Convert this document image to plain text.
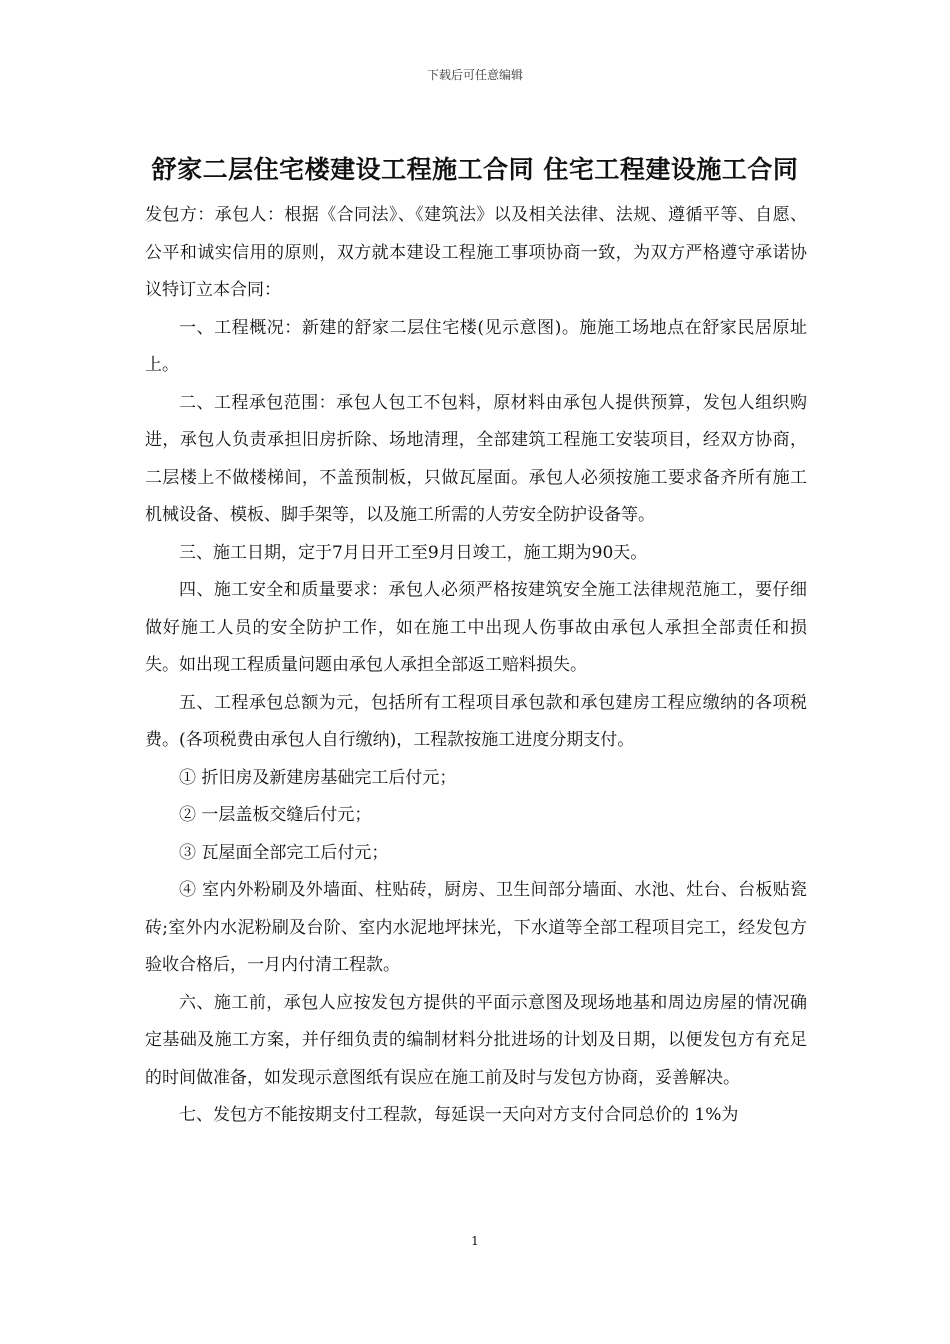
下载后可任意编辑
舒家二层住宅楼建设工程施工合同 住宅工程建设施工合同

发包方：承包人：根据《合同法》、《建筑法》以及相关法律、法规、遵循平等、自愿、公平和诚实信用的原则，双方就本建设工程施工事项协商一致，为双方严格遵守承诺协议特订立本合同：

一、工程概况：新建的舒家二层住宅楼(见示意图)。施施工场地点在舒家民居原址上。

二、工程承包范围：承包人包工不包料，原材料由承包人提供预算，发包人组织购进，承包人负责承担旧房折除、场地清理，全部建筑工程施工安装项目，经双方协商，二层楼上不做楼梯间，不盖预制板，只做瓦屋面。承包人必须按施工要求备齐所有施工机械设备、模板、脚手架等，以及施工所需的人劳安全防护设备等。

三、施工日期，定于7月日开工至9月日竣工，施工期为90天。

四、施工安全和质量要求：承包人必须严格按建筑安全施工法律规范施工，要仔细做好施工人员的安全防护工作，如在施工中出现人伤事故由承包人承担全部责任和损失。如出现工程质量问题由承包人承担全部返工赔料损失。

五、工程承包总额为元，包括所有工程项目承包款和承包建房工程应缴纳的各项税费。(各项税费由承包人自行缴纳)，工程款按施工进度分期支付。

① 折旧房及新建房基础完工后付元；

② 一层盖板交缝后付元；

③ 瓦屋面全部完工后付元；

④ 室内外粉刷及外墙面、柱贴砖，厨房、卫生间部分墙面、水池、灶台、台板贴瓷砖;室外内水泥粉刷及台阶、室内水泥地坪抹光，下水道等全部工程项目完工，经发包方验收合格后，一月内付清工程款。

六、施工前，承包人应按发包方提供的平面示意图及现场地基和周边房屋的情况确定基础及施工方案，并仔细负责的编制材料分批进场的计划及日期，以便发包方有充足的时间做准备，如发现示意图纸有误应在施工前及时与发包方协商，妥善解决。

七、发包方不能按期支付工程款，每延误一天向对方支付合同总价的 1%为

1
